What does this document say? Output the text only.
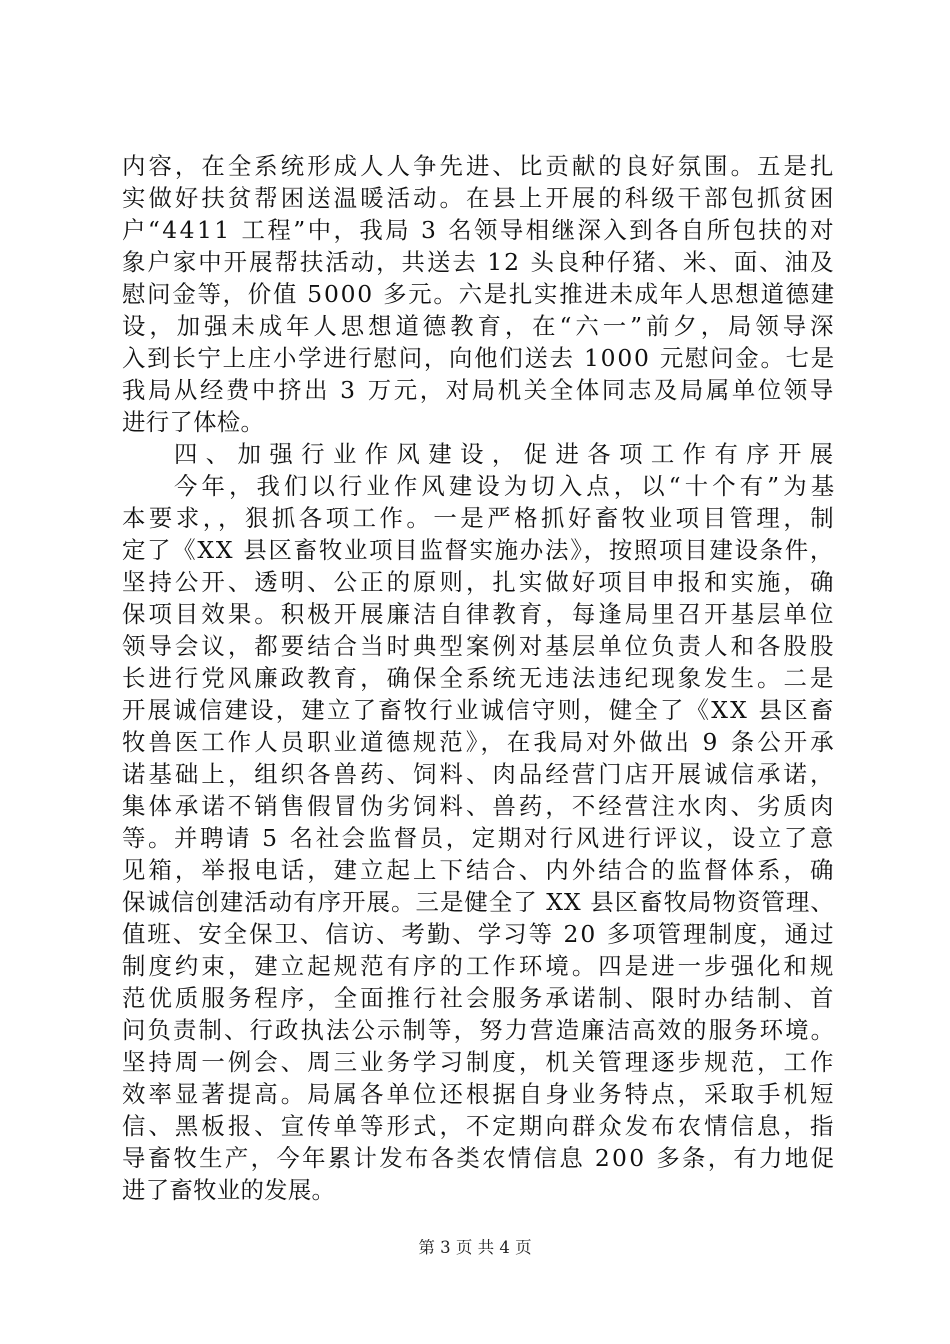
内容，在全系统形成人人争先进、比贡献的良好氛围。五是扎
实做好扶贫帮困送温暖活动。在县上开展的科级干部包抓贫困
户“4411 工程”中，我局 3 名领导相继深入到各自所包扶的对
象户家中开展帮扶活动，共送去 12 头良种仔猪、米、面、油及
慰问金等，价值 5000 多元。六是扎实推进未成年人思想道德建
设，加强未成年人思想道德教育，在“六一”前夕，局领导深
入到长宁上庄小学进行慰问，向他们送去 1000 元慰问金。七是
我局从经费中挤出 3 万元，对局机关全体同志及局属单位领导
进行了体检。
四、加强行业作风建设，促进各项工作有序开展
今年，我们以行业作风建设为切入点，以“十个有”为基
本要求，，狠抓各项工作。一是严格抓好畜牧业项目管理，制
定了《XX 县区畜牧业项目监督实施办法》，按照项目建设条件，
坚持公开、透明、公正的原则，扎实做好项目申报和实施，确
保项目效果。积极开展廉洁自律教育，每逢局里召开基层单位
领导会议，都要结合当时典型案例对基层单位负责人和各股股
长进行党风廉政教育，确保全系统无违法违纪现象发生。二是
开展诚信建设，建立了畜牧行业诚信守则，健全了《XX 县区畜
牧兽医工作人员职业道德规范》，在我局对外做出 9 条公开承
诺基础上，组织各兽药、饲料、肉品经营门店开展诚信承诺，
集体承诺不销售假冒伪劣饲料、兽药，不经营注水肉、劣质肉
等。并聘请 5 名社会监督员，定期对行风进行评议，设立了意
见箱，举报电话，建立起上下结合、内外结合的监督体系，确
保诚信创建活动有序开展。三是健全了 XX 县区畜牧局物资管理、
值班、安全保卫、信访、考勤、学习等 20 多项管理制度，通过
制度约束，建立起规范有序的工作环境。四是进一步强化和规
范优质服务程序，全面推行社会服务承诺制、限时办结制、首
问负责制、行政执法公示制等，努力营造廉洁高效的服务环境。
坚持周一例会、周三业务学习制度，机关管理逐步规范，工作
效率显著提高。局属各单位还根据自身业务特点，采取手机短
信、黑板报、宣传单等形式，不定期向群众发布农情信息，指
导畜牧生产，今年累计发布各类农情信息 200 多条，有力地促
进了畜牧业的发展。
第 3 页 共 4 页
